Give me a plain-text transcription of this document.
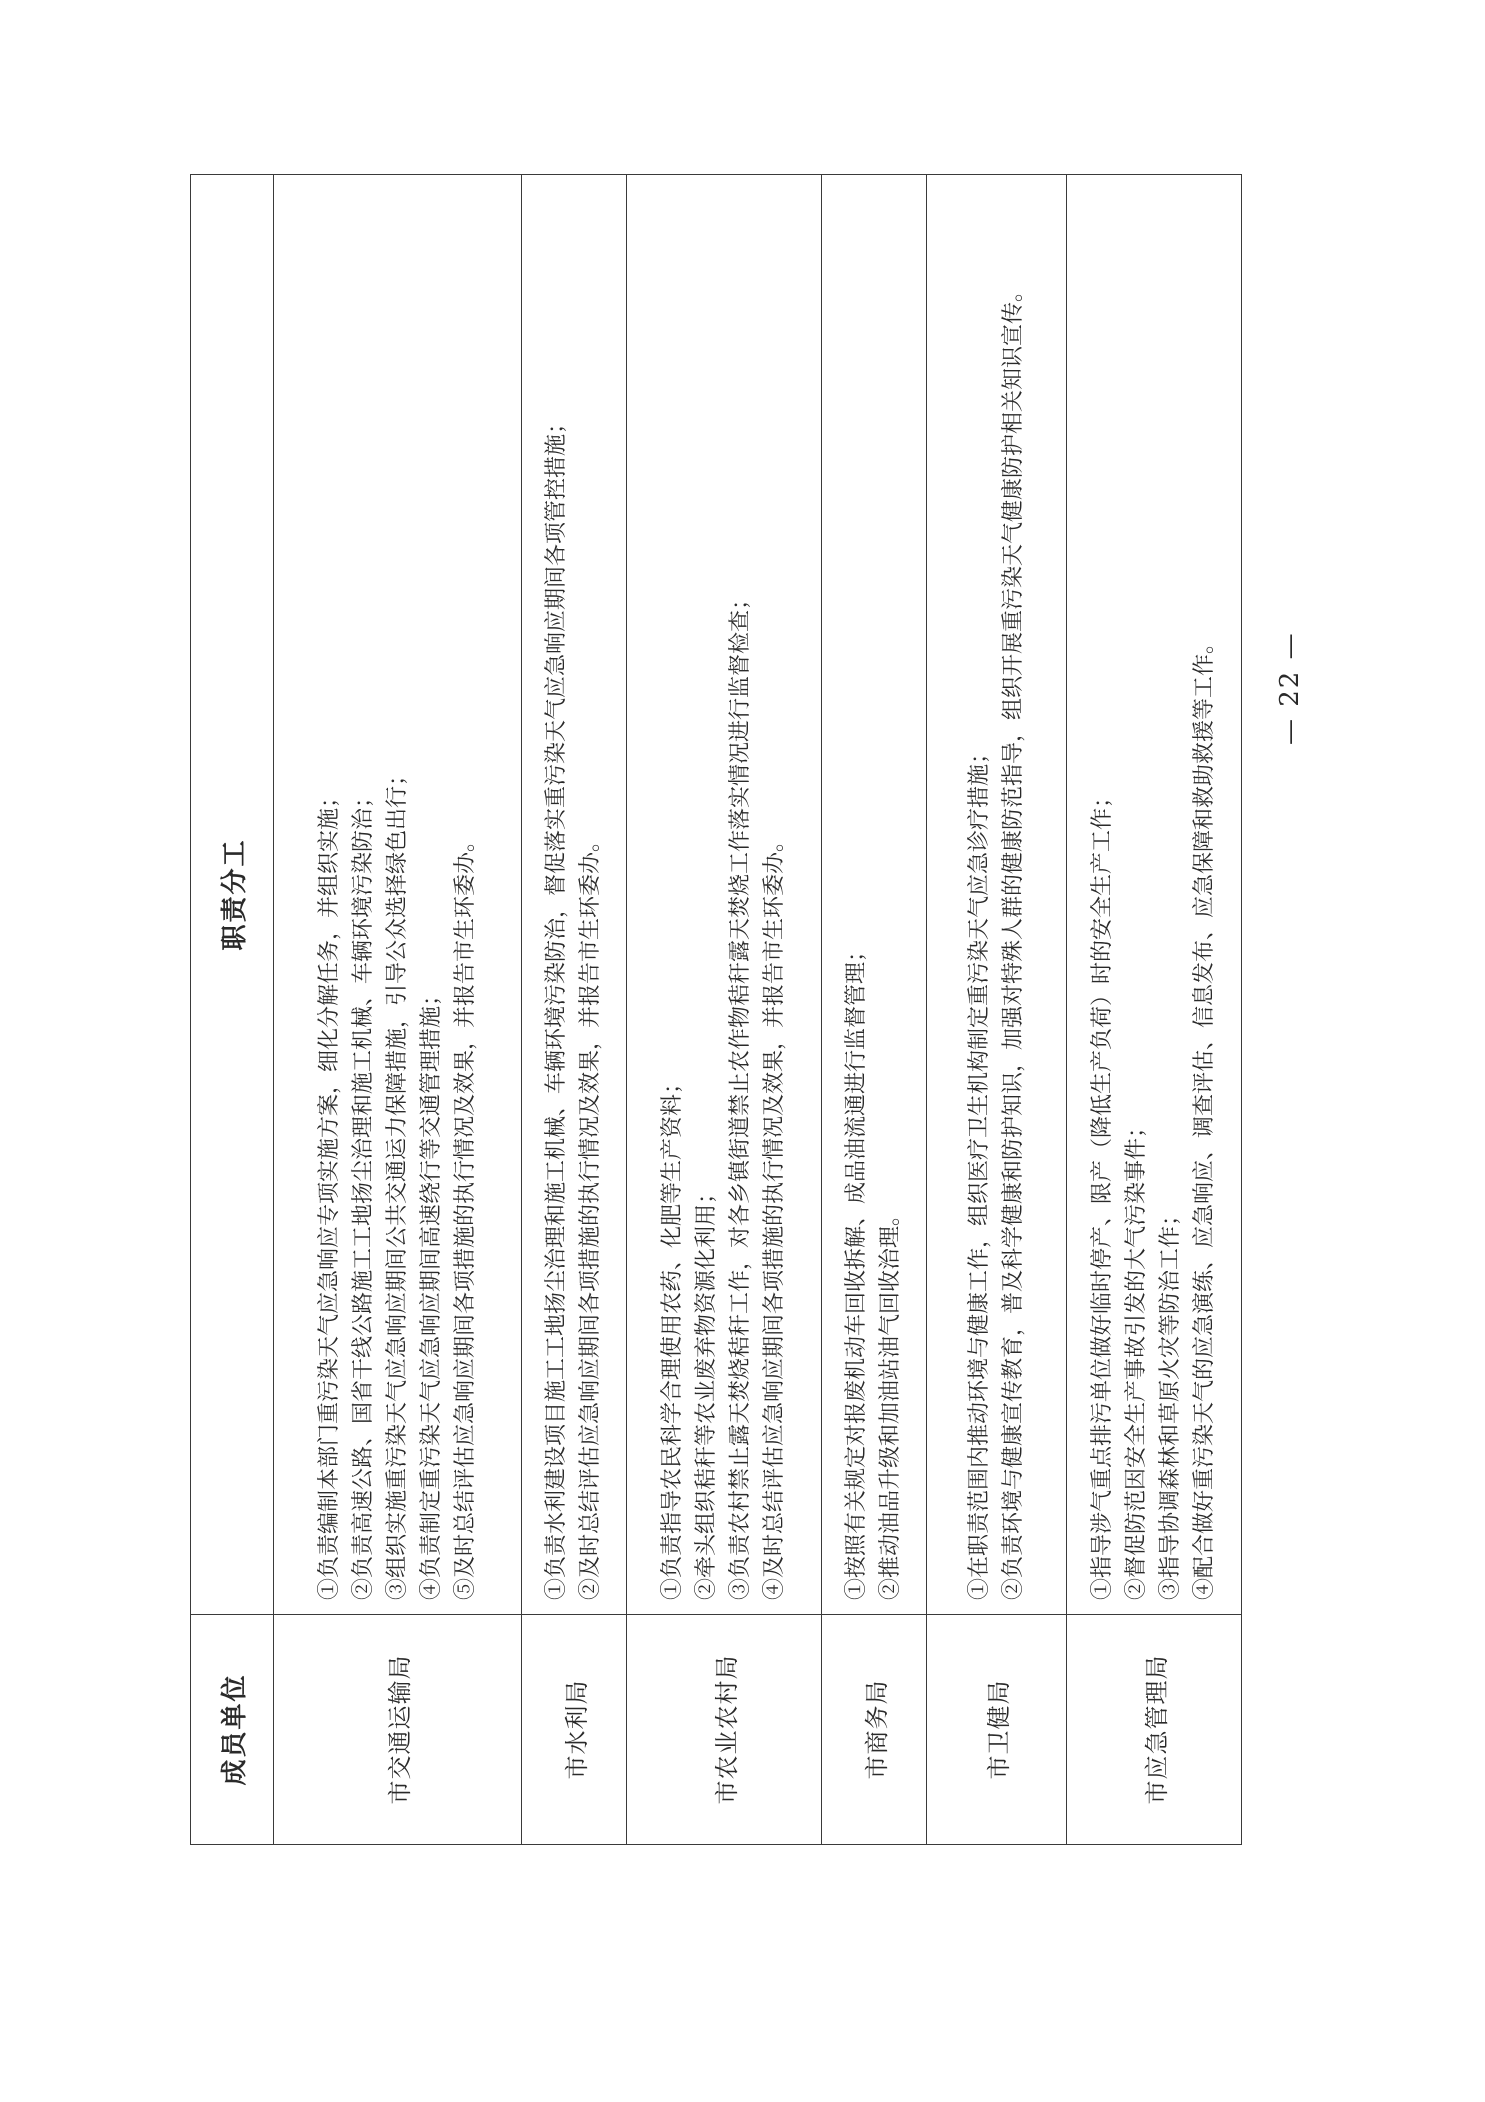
成员单位	职责分工
市交通运输局	①负责编制本部门重污染天气应急响应专项实施方案，细化分解任务，并组织实施； ②负责高速公路、国省干线公路施工工地扬尘治理和施工机械、车辆环境污染防治； ③组织实施重污染天气应急响应期间公共交通运力保障措施，引导公众选择绿色出行； ④负责制定重污染天气应急响应期间高速绕行等交通管理措施； ⑤及时总结评估应急响应期间各项措施的执行情况及效果，并报告市生环委办。

市水利局	①负责水利建设项目施工工地扬尘治理和施工机械、车辆环境污染防治，督促落实重污染天气应急响应期间各项管控措施； ②及时总结评估应急响应期间各项措施的执行情况及效果，并报告市生环委办。

市农业农村局	①负责指导农民科学合理使用农药、化肥等生产资料； ②牵头组织秸秆等农业废弃物资源化利用； ③负责农村禁止露天焚烧秸秆工作，对各乡镇街道禁止农作物秸秆露天焚烧工作落实情况进行监督检查； ④及时总结评估应急响应期间各项措施的执行情况及效果，并报告市生环委办。

市商务局	①按照有关规定对报废机动车回收拆解、成品油流通进行监督管理； ②推动油品升级和加油站油气回收治理。

市卫健局	①在职责范围内推动环境与健康工作，组织医疗卫生机构制定重污染天气应急诊疗措施； ②负责环境与健康宣传教育，普及科学健康和防护知识，加强对特殊人群的健康防范指导，组织开展重污染天气健康防护相关知识宣传。

市应急管理局	①指导涉气重点排污单位做好临时停产、限产（降低生产负荷）时的安全生产工作； ②督促防范因安全生产事故引发的大气污染事件； ③指导协调森林和草原火灾等防治工作； ④配合做好重污染天气的应急演练、应急响应、调查评估、信息发布、应急保障和救助救援等工作。 — 22 —
